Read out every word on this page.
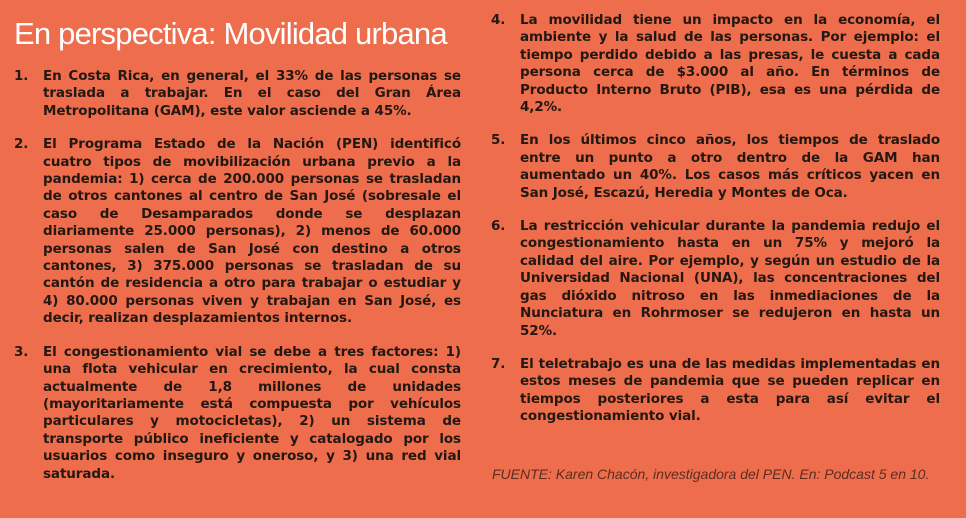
En perspectiva: Movilidad urbana
1. En Costa Rica, en general, el 33% de las personas se traslada a trabajar. En el caso del Gran Área Metropolitana (GAM), este valor asciende a 45%.
2. El Programa Estado de la Nación (PEN) identificó cuatro tipos de movibilización urbana previo a la pandemia: 1) cerca de 200.000 personas se trasladan de otros cantones al centro de San José (sobresale el caso de Desamparados donde se desplazan diariamente 25.000 personas), 2) menos de 60.000 personas salen de San José con destino a otros cantones, 3) 375.000 personas se trasladan de su cantón de residencia a otro para trabajar o estudiar y 4) 80.000 personas viven y trabajan en San José, es decir, realizan desplazamientos internos.
3. El congestionamiento vial se debe a tres factores: 1) una flota vehicular en crecimiento, la cual consta actualmente de 1,8 millones de unidades (mayoritariamente está compuesta por vehículos particulares y motocicletas), 2) un sistema de transporte público ineficiente y catalogado por los usuarios como inseguro y oneroso, y 3) una red vial saturada.
4. La movilidad tiene un impacto en la economía, el ambiente y la salud de las personas. Por ejemplo: el tiempo perdido debido a las presas, le cuesta a cada persona cerca de $3.000 al año. En términos de Producto Interno Bruto (PIB), esa es una pérdida de 4,2%.
5. En los últimos cinco años, los tiempos de traslado entre un punto a otro dentro de la GAM han aumentado un 40%. Los casos más críticos yacen en San José, Escazú, Heredia y Montes de Oca.
6. La restricción vehicular durante la pandemia redujo el congestionamiento hasta en un 75% y mejoró la calidad del aire. Por ejemplo, y según un estudio de la Universidad Nacional (UNA), las concentraciones del gas dióxido nitroso en las inmediaciones de la Nunciatura en Rohrmoser se redujeron en hasta un 52%.
7. El teletrabajo es una de las medidas implementadas en estos meses de pandemia que se pueden replicar en tiempos posteriores a esta para así evitar el congestionamiento vial.
FUENTE: Karen Chacón, investigadora del PEN. En: Podcast 5 en 10.
